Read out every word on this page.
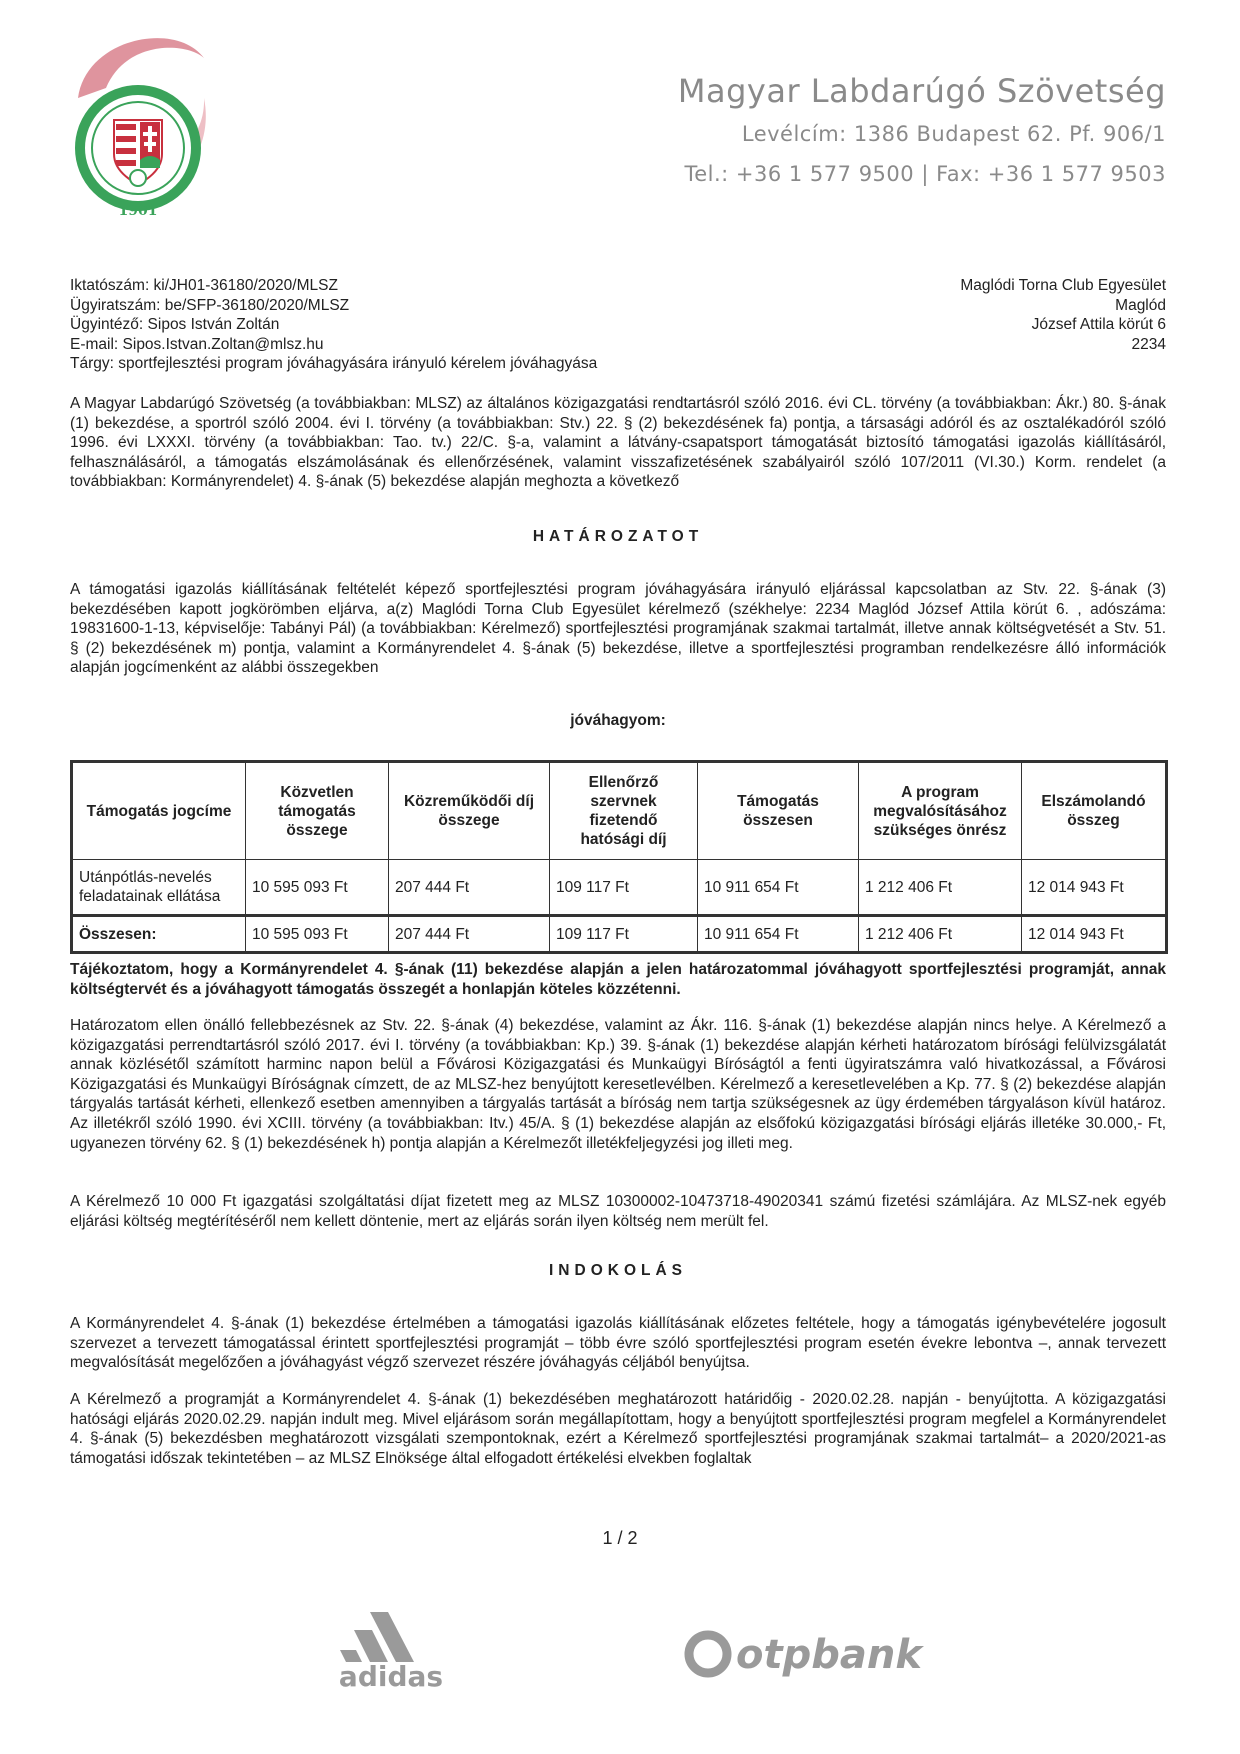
1901
Magyar Labdarúgó Szövetség
Levélcím: 1386 Budapest 62. Pf. 906/1
Tel.: +36 1 577 9500 | Fax: +36 1 577 9503
Iktatószám: ki/JH01-36180/2020/MLSZ
Ügyiratszám: be/SFP-36180/2020/MLSZ
Ügyintéző: Sipos István Zoltán
E-mail: Sipos.Istvan.Zoltan@mlsz.hu
Tárgy: sportfejlesztési program jóváhagyására irányuló kérelem jóváhagyása
Maglódi Torna Club Egyesület
Maglód
József Attila körút 6
2234
A Magyar Labdarúgó Szövetség (a továbbiakban: MLSZ) az általános közigazgatási rendtartásról szóló 2016. évi CL. törvény (a továbbiakban: Ákr.) 80. §-ának (1) bekezdése, a sportról szóló 2004. évi I. törvény (a továbbiakban: Stv.) 22. § (2) bekezdésének fa) pontja, a társasági adóról és az osztalékadóról szóló 1996. évi LXXXI. törvény (a továbbiakban: Tao. tv.) 22/C. §-a, valamint a látvány-csapatsport támogatását biztosító támogatási igazolás kiállításáról, felhasználásáról, a támogatás elszámolásának és ellenőrzésének, valamint visszafizetésének szabályairól szóló 107/2011 (VI.30.) Korm. rendelet (a továbbiakban: Kormányrendelet) 4. §-ának (5) bekezdése alapján meghozta a következő
HATÁROZATOT
A támogatási igazolás kiállításának feltételét képező sportfejlesztési program jóváhagyására irányuló eljárással kapcsolatban az Stv. 22. §-ának (3) bekezdésében kapott jogkörömben eljárva, a(z) Maglódi Torna Club Egyesület kérelmező (székhelye: 2234 Maglód József Attila körút 6. , adószáma: 19831600-1-13, képviselője: Tabányi Pál) (a továbbiakban: Kérelmező) sportfejlesztési programjának szakmai tartalmát, illetve annak költségvetését a Stv. 51. § (2) bekezdésének m) pontja, valamint a Kormányrendelet 4. §-ának (5) bekezdése, illetve a sportfejlesztési programban rendelkezésre álló információk alapján jogcímenként az alábbi összegekben
jóváhagyom:
Támogatás jogcíme	Közvetlen támogatás összege	Közreműködői díj összege	Ellenőrző szervnek fizetendő hatósági díj	Támogatás összesen	A program megvalósításához szükséges önrész	Elszámolandó összeg
Utánpótlás-nevelés feladatainak ellátása	10 595 093 Ft	207 444 Ft	109 117 Ft	10 911 654 Ft	1 212 406 Ft	12 014 943 Ft
Összesen:	10 595 093 Ft	207 444 Ft	109 117 Ft	10 911 654 Ft	1 212 406 Ft	12 014 943 Ft
Tájékoztatom, hogy a Kormányrendelet 4. §-ának (11) bekezdése alapján a jelen határozatommal jóváhagyott sportfejlesztési programját, annak költségtervét és a jóváhagyott támogatás összegét a honlapján köteles közzétenni.
Határozatom ellen önálló fellebbezésnek az Stv. 22. §-ának (4) bekezdése, valamint az Ákr. 116. §-ának (1) bekezdése alapján nincs helye. A Kérelmező a közigazgatási perrendtartásról szóló 2017. évi I. törvény (a továbbiakban: Kp.) 39. §-ának (1) bekezdése alapján kérheti határozatom bírósági felülvizsgálatát annak közlésétől számított harminc napon belül a Fővárosi Közigazgatási és Munkaügyi Bíróságtól a fenti ügyiratszámra való hivatkozással, a Fővárosi Közigazgatási és Munkaügyi Bíróságnak címzett, de az MLSZ-hez benyújtott keresetlevélben. Kérelmező a keresetlevelében a Kp. 77. § (2) bekezdése alapján tárgyalás tartását kérheti, ellenkező esetben amennyiben a tárgyalás tartását a bíróság nem tartja szükségesnek az ügy érdemében tárgyaláson kívül határoz. Az illetékről szóló 1990. évi XCIII. törvény (a továbbiakban: Itv.) 45/A. § (1) bekezdése alapján az elsőfokú közigazgatási bírósági eljárás illetéke 30.000,- Ft, ugyanezen törvény 62. § (1) bekezdésének h) pontja alapján a Kérelmezőt illetékfeljegyzési jog illeti meg.
A Kérelmező 10 000 Ft igazgatási szolgáltatási díjat fizetett meg az MLSZ 10300002-10473718-49020341 számú fizetési számlájára. Az MLSZ-nek egyéb eljárási költség megtérítéséről nem kellett döntenie, mert az eljárás során ilyen költség nem merült fel.
INDOKOLÁS
A Kormányrendelet 4. §-ának (1) bekezdése értelmében a támogatási igazolás kiállításának előzetes feltétele, hogy a támogatás igénybevételére jogosult szervezet a tervezett támogatással érintett sportfejlesztési programját – több évre szóló sportfejlesztési program esetén évekre lebontva –, annak tervezett megvalósítását megelőzően a jóváhagyást végző szervezet részére jóváhagyás céljából benyújtsa.
A Kérelmező a programját a Kormányrendelet 4. §-ának (1) bekezdésében meghatározott határidőig - 2020.02.28. napján - benyújtotta. A közigazgatási hatósági eljárás 2020.02.29. napján indult meg. Mivel eljárásom során megállapítottam, hogy a benyújtott sportfejlesztési program megfelel a Kormányrendelet 4. §-ának (5) bekezdésben meghatározott vizsgálati szempontoknak, ezért a Kérelmező sportfejlesztési programjának szakmai tartalmát– a 2020/2021-as támogatási időszak tekintetében – az MLSZ Elnöksége által elfogadott értékelési elvekben foglaltak
1 / 2
adidas	otpbank
